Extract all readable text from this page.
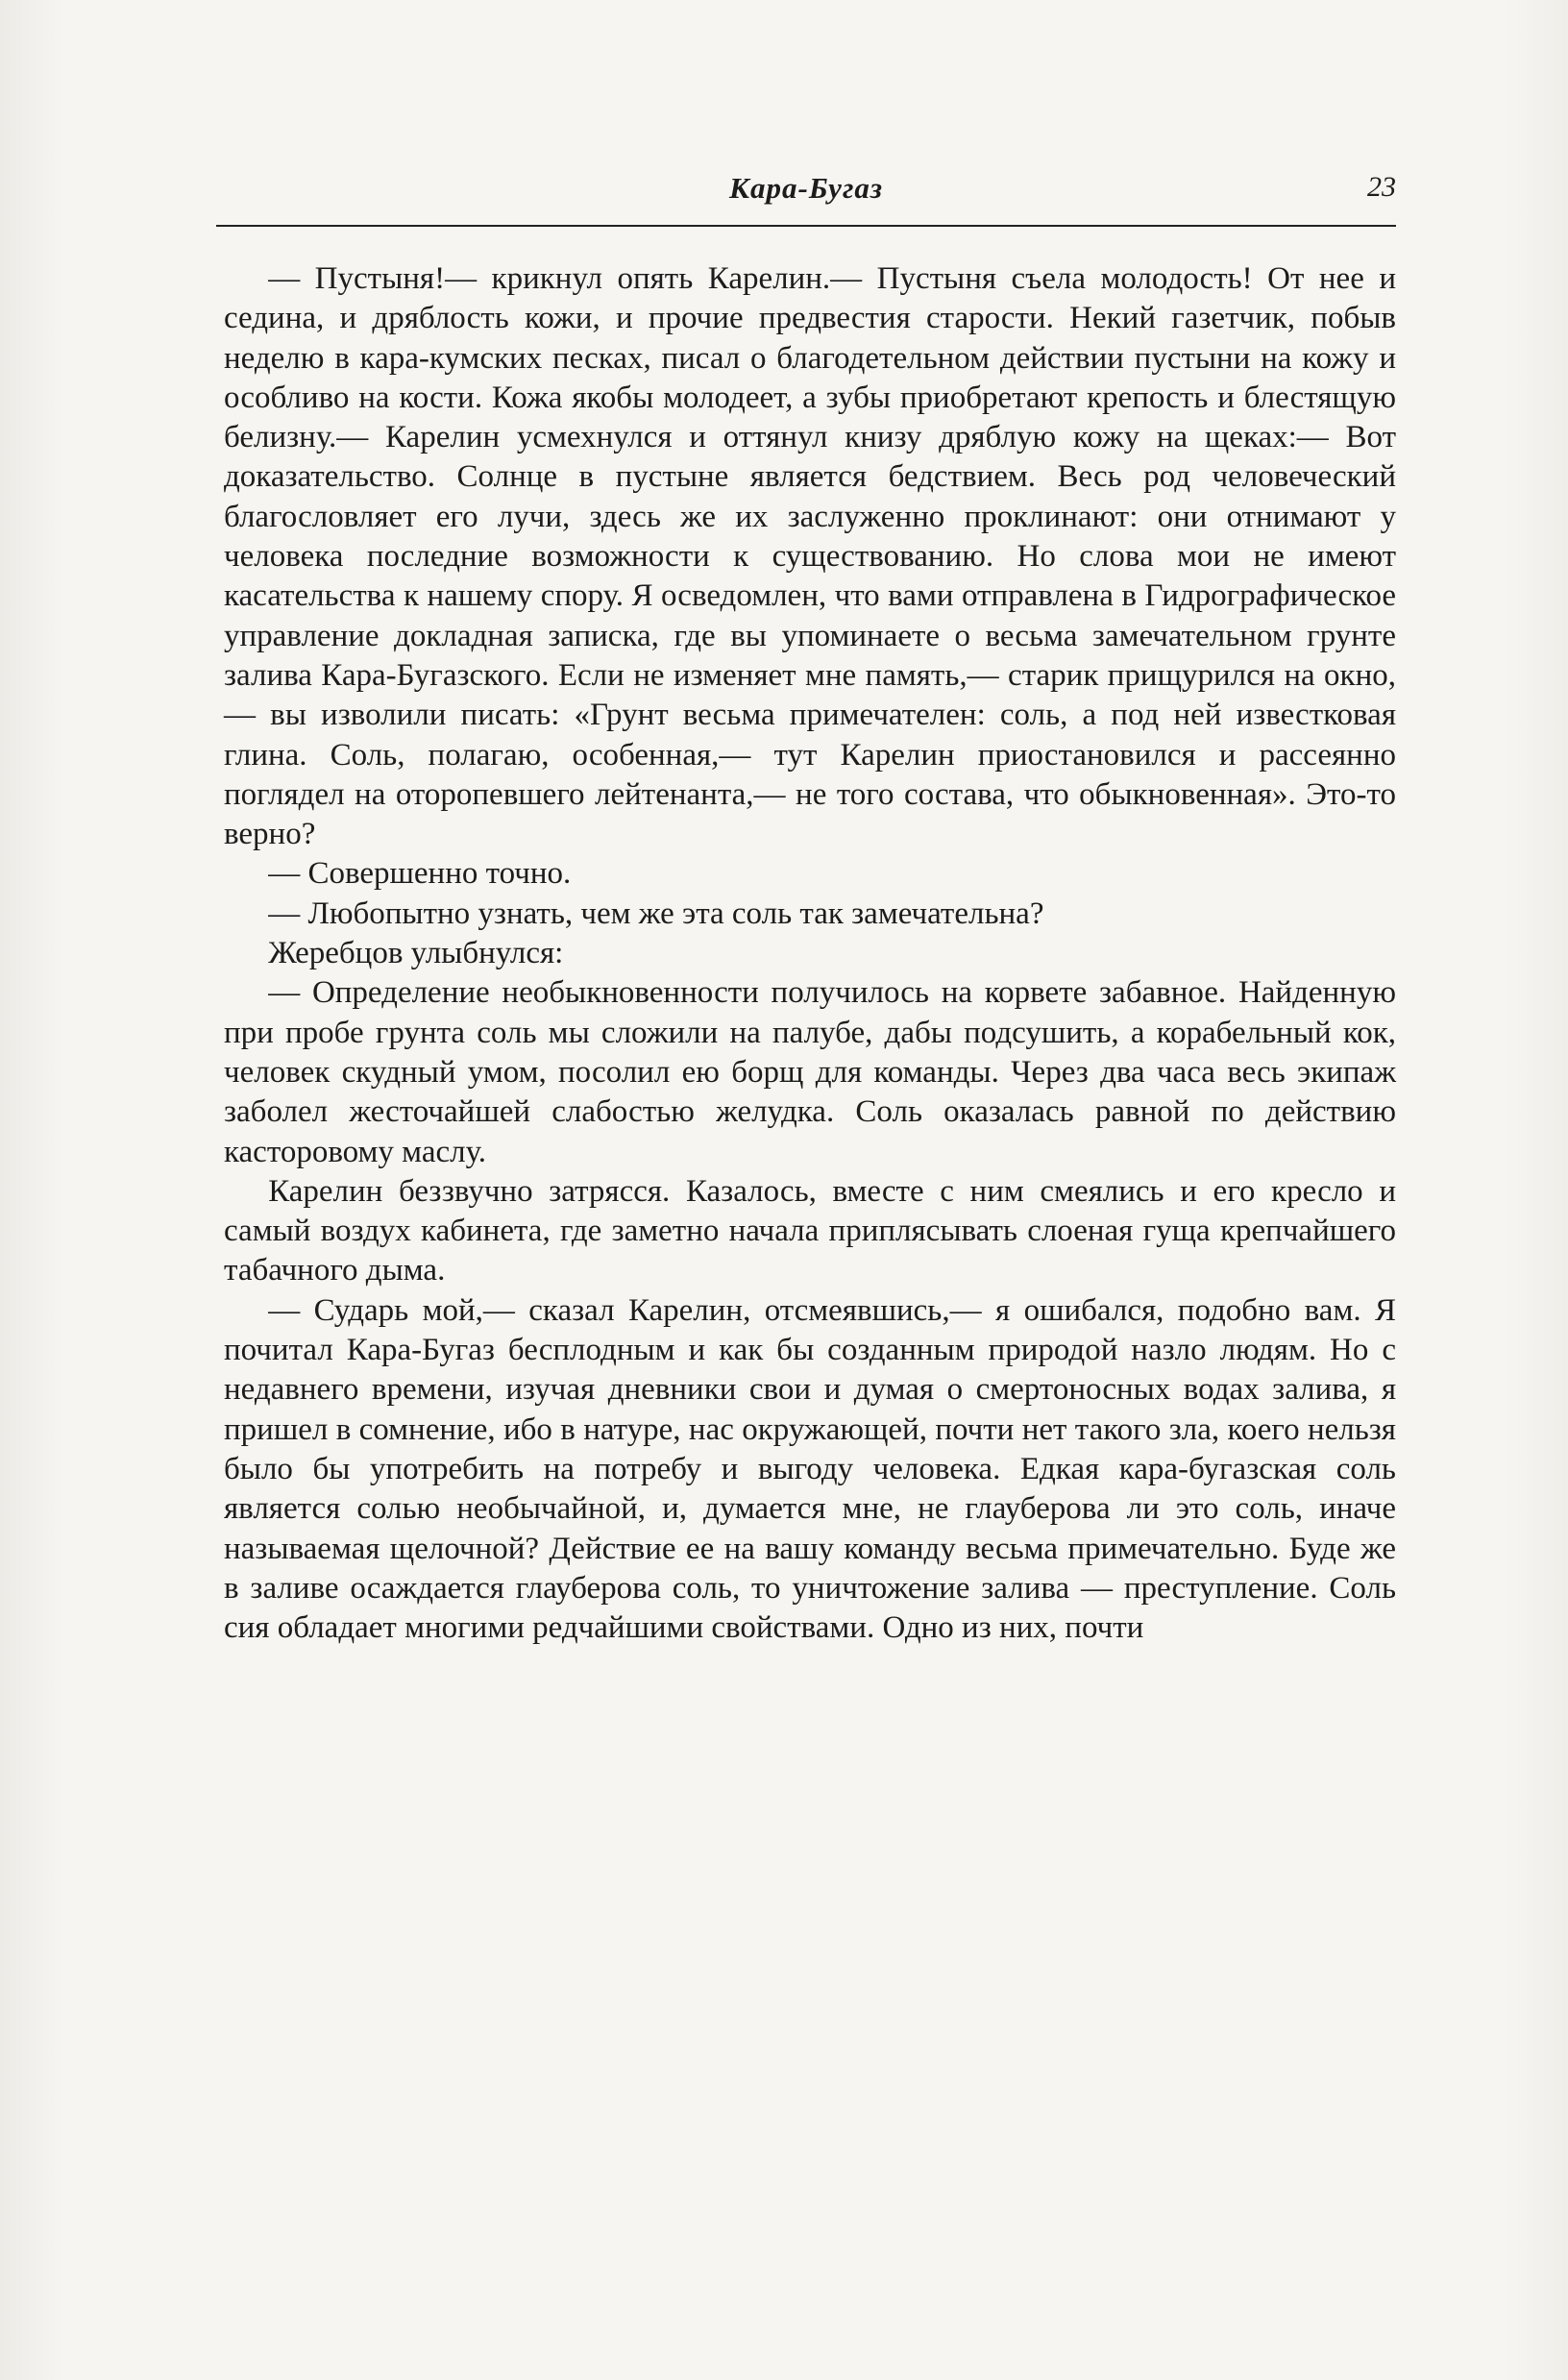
Кара-Бугаз	23

— Пустыня!— крикнул опять Карелин.— Пустыня съела молодость! От нее и седина, и дряблость кожи, и прочие предвестия старости. Некий газетчик, побыв неделю в кара-кумских песках, писал о благодетельном действии пустыни на кожу и особливо на кости. Кожа якобы молодеет, а зубы приобретают крепость и блестящую белизну.— Карелин усмехнулся и оттянул книзу дряблую кожу на щеках:— Вот доказательство. Солнце в пустыне является бедствием. Весь род человеческий благословляет его лучи, здесь же их заслуженно проклинают: они отнимают у человека последние возможности к существованию. Но слова мои не имеют касательства к нашему спору. Я осведомлен, что вами отправлена в Гидрографическое управление докладная записка, где вы упоминаете о весьма замечательном грунте залива Кара-Бугазского. Если не изменяет мне память,— старик прищурился на окно,— вы изволили писать: «Грунт весьма примечателен: соль, а под ней известковая глина. Соль, полагаю, особенная,— тут Карелин приостановился и рассеянно поглядел на оторопевшего лейтенанта,— не того состава, что обыкновенная». Это-то верно?

— Совершенно точно.

— Любопытно узнать, чем же эта соль так замечательна?

Жеребцов улыбнулся:

— Определение необыкновенности получилось на корвете забавное. Найденную при пробе грунта соль мы сложили на палубе, дабы подсушить, а корабельный кок, человек скудный умом, посолил ею борщ для команды. Через два часа весь экипаж заболел жесточайшей слабостью желудка. Соль оказалась равной по действию касторовому маслу.

Карелин беззвучно затрясся. Казалось, вместе с ним смеялись и его кресло и самый воздух кабинета, где заметно начала приплясывать слоеная гуща крепчайшего табачного дыма.

— Сударь мой,— сказал Карелин, отсмеявшись,— я ошибался, подобно вам. Я почитал Кара-Бугаз бесплодным и как бы созданным природой назло людям. Но с недавнего времени, изучая дневники свои и думая о смертоносных водах залива, я пришел в сомнение, ибо в натуре, нас окружающей, почти нет такого зла, коего нельзя было бы употребить на потребу и выгоду человека. Едкая кара-бугазская соль является солью необычайной, и, думается мне, не глауберова ли это соль, иначе называемая щелочной? Действие ее на вашу команду весьма примечательно. Буде же в заливе осаждается глауберова соль, то уничтожение залива — преступление. Соль сия обладает многими редчайшими свойствами. Одно из них, почти
